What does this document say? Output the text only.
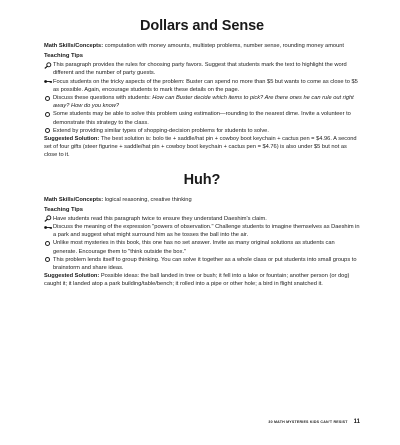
Dollars and Sense

Math Skills/Concepts: computation with money amounts, multistep problems, number sense, rounding money amount

Teaching Tips
This paragraph provides the rules for choosing party favors. Suggest that students mark the text to highlight the word different and the number of party guests.
Focus students on the tricky aspects of the problem: Buster can spend no more than $5 but wants to come as close to $5 as possible. Again, encourage students to mark these details on the page.
Discuss these questions with students: How can Buster decide which items to pick? Are there ones he can rule out right away? How do you know?
Some students may be able to solve this problem using estimation—rounding to the nearest dime. Invite a volunteer to demonstrate this strategy to the class.
Extend by providing similar types of shopping-decision problems for students to solve.

Suggested Solution: The best solution is: bolo tie + saddle/hat pin + cowboy boot keychain + cactus pen = $4.96. A second set of four gifts (steer figurine + saddle/hat pin + cowboy boot keychain + cactus pen = $4.76) is also under $5 but not as close to it.

Huh?

Math Skills/Concepts: logical reasoning, creative thinking

Teaching Tips
Have students read this paragraph twice to ensure they understand Daeshim's claim.
Discuss the meaning of the expression "powers of observation." Challenge students to imagine themselves as Daeshim in a park and suggest what might surround him as he tosses the ball into the air.
Unlike most mysteries in this book, this one has no set answer. Invite as many original solutions as students can generate. Encourage them to "think outside the box."
This problem lends itself to group thinking. You can solve it together as a whole class or put students into small groups to brainstorm and share ideas.

Suggested Solution: Possible ideas: the ball landed in tree or bush; it fell into a lake or fountain; another person (or dog) caught it; it landed atop a park building/table/bench; it rolled into a pipe or other hole; a bird in flight snatched it.

30 MATH MYSTERIES KIDS CAN'T RESIST 11
